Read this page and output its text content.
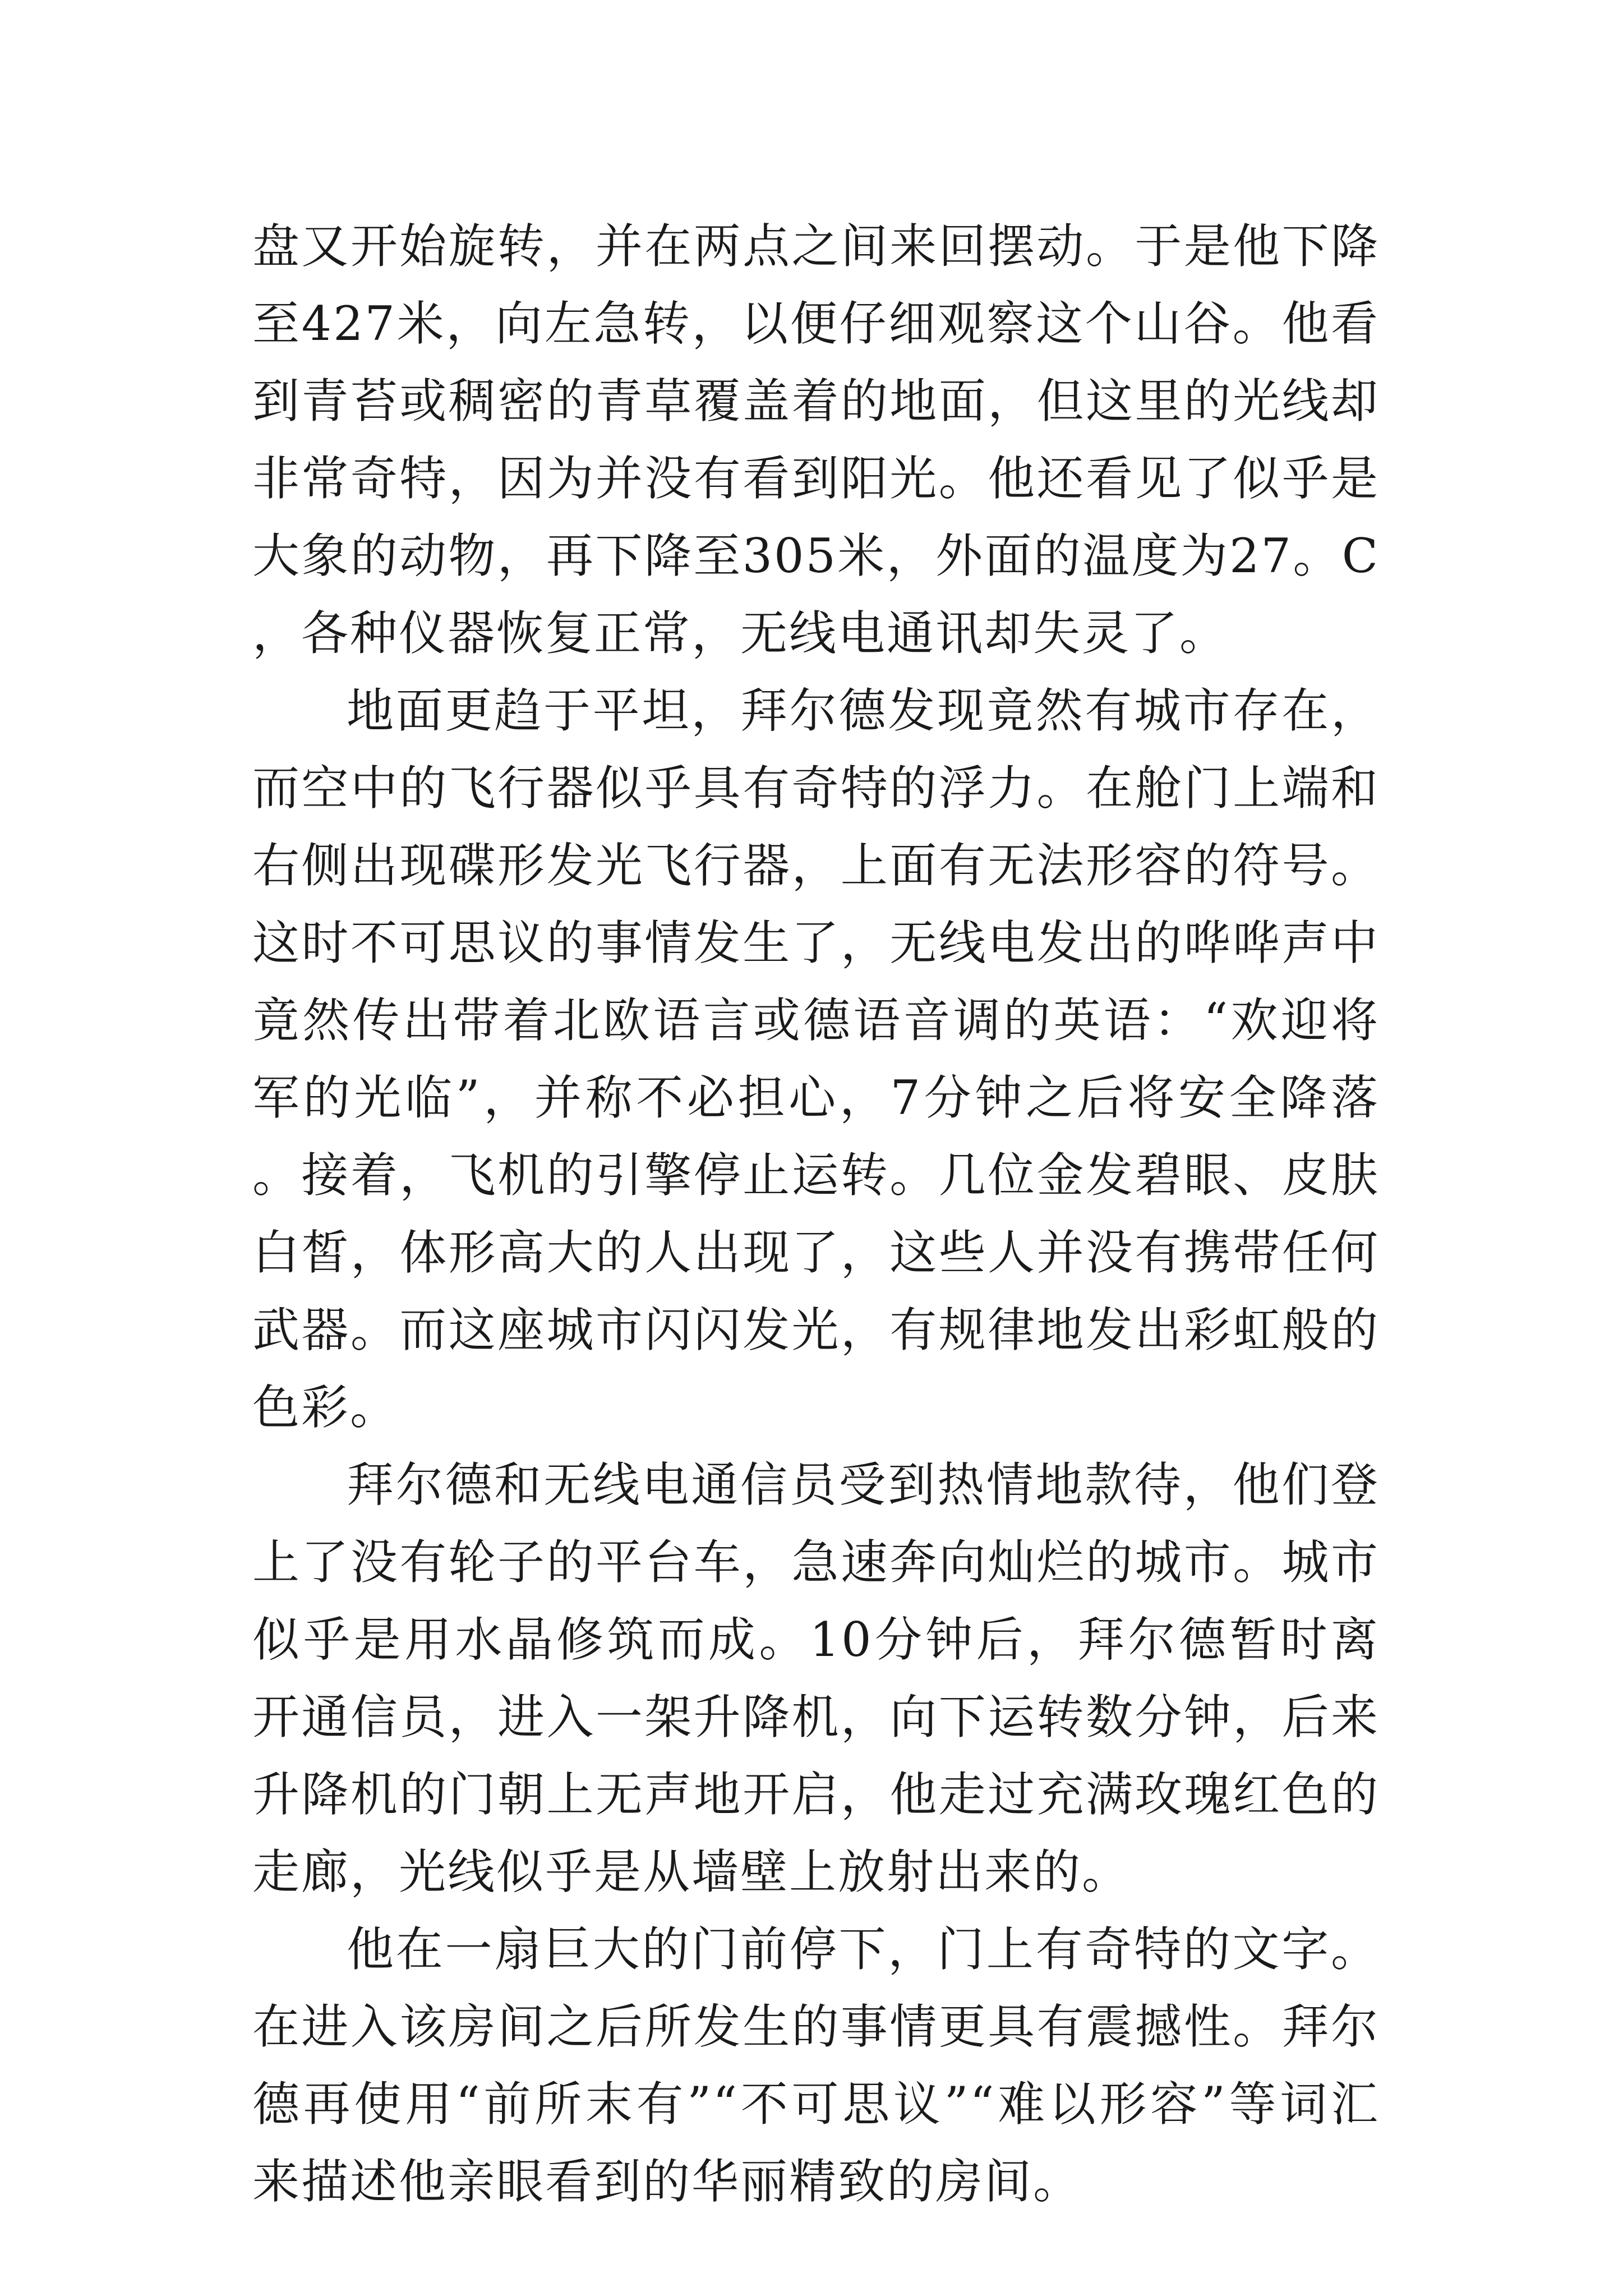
盘又开始旋转，并在两点之间来回摆动。于是他下降至427米，向左急转，以便仔细观察这个山谷。他看到青苔或稠密的青草覆盖着的地面，但这里的光线却非常奇特，因为并没有看到阳光。他还看见了似乎是大象的动物，再下降至305米，外面的温度为27。C，各种仪器恢复正常，无线电通讯却失灵了。

地面更趋于平坦，拜尔德发现竟然有城市存在，而空中的飞行器似乎具有奇特的浮力。在舱门上端和右侧出现碟形发光飞行器，上面有无法形容的符号。这时不可思议的事情发生了，无线电发出的哗哗声中竟然传出带着北欧语言或德语音调的英语：“欢迎将军的光临”，并称不必担心，7分钟之后将安全降落。接着，飞机的引擎停止运转。几位金发碧眼、皮肤白皙，体形高大的人出现了，这些人并没有携带任何武器。而这座城市闪闪发光，有规律地发出彩虹般的色彩。

拜尔德和无线电通信员受到热情地款待，他们登上了没有轮子的平台车，急速奔向灿烂的城市。城市似乎是用水晶修筑而成。10分钟后，拜尔德暂时离开通信员，进入一架升降机，向下运转数分钟，后来升降机的门朝上无声地开启，他走过充满玫瑰红色的走廊，光线似乎是从墙壁上放射出来的。

他在一扇巨大的门前停下，门上有奇特的文字。在进入该房间之后所发生的事情更具有震撼性。拜尔德再使用“前所末有”“不可思议”“难以形容”等词汇来描述他亲眼看到的华丽精致的房间。
